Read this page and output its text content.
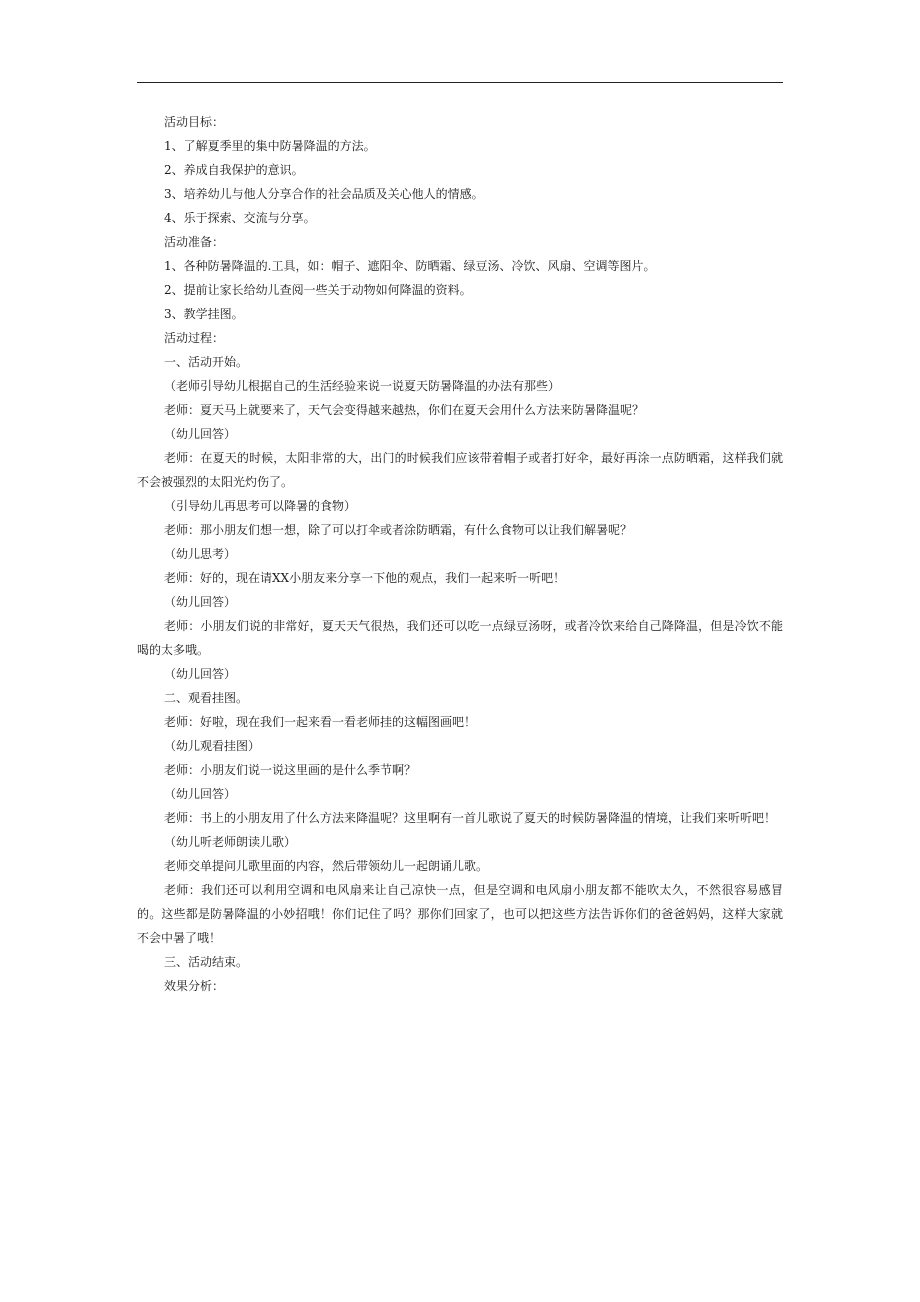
活动目标：

1、了解夏季里的集中防暑降温的方法。

2、养成自我保护的意识。

3、培养幼儿与他人分享合作的社会品质及关心他人的情感。

4、乐于探索、交流与分享。

活动准备：

1、各种防暑降温的.工具，如：帽子、遮阳伞、防晒霜、绿豆汤、冷饮、风扇、空调等图片。

2、提前让家长给幼儿查阅一些关于动物如何降温的资料。

3、教学挂图。

活动过程：

一、活动开始。

（老师引导幼儿根据自己的生活经验来说一说夏天防暑降温的办法有那些）

老师：夏天马上就要来了，天气会变得越来越热，你们在夏天会用什么方法来防暑降温呢？

（幼儿回答）

老师：在夏天的时候，太阳非常的大，出门的时候我们应该带着帽子或者打好伞，最好再涂一点防晒霜，这样我们就不会被强烈的太阳光灼伤了。

（引导幼儿再思考可以降暑的食物）

老师：那小朋友们想一想，除了可以打伞或者涂防晒霜，有什么食物可以让我们解暑呢？

（幼儿思考）

老师：好的，现在请XX小朋友来分享一下他的观点，我们一起来听一听吧！

（幼儿回答）

老师：小朋友们说的非常好，夏天天气很热，我们还可以吃一点绿豆汤呀，或者冷饮来给自己降降温，但是冷饮不能喝的太多哦。

（幼儿回答）

二、观看挂图。

老师：好啦，现在我们一起来看一看老师挂的这幅图画吧！

（幼儿观看挂图）

老师：小朋友们说一说这里画的是什么季节啊？

（幼儿回答）

老师：书上的小朋友用了什么方法来降温呢？这里啊有一首儿歌说了夏天的时候防暑降温的情境，让我们来听听吧！

（幼儿听老师朗读儿歌）

老师交单提问儿歌里面的内容，然后带领幼儿一起朗诵儿歌。

老师：我们还可以利用空调和电风扇来让自己凉快一点，但是空调和电风扇小朋友都不能吹太久，不然很容易感冒的。这些都是防暑降温的小妙招哦！你们记住了吗？那你们回家了，也可以把这些方法告诉你们的爸爸妈妈，这样大家就不会中暑了哦！

三、活动结束。

效果分析：
